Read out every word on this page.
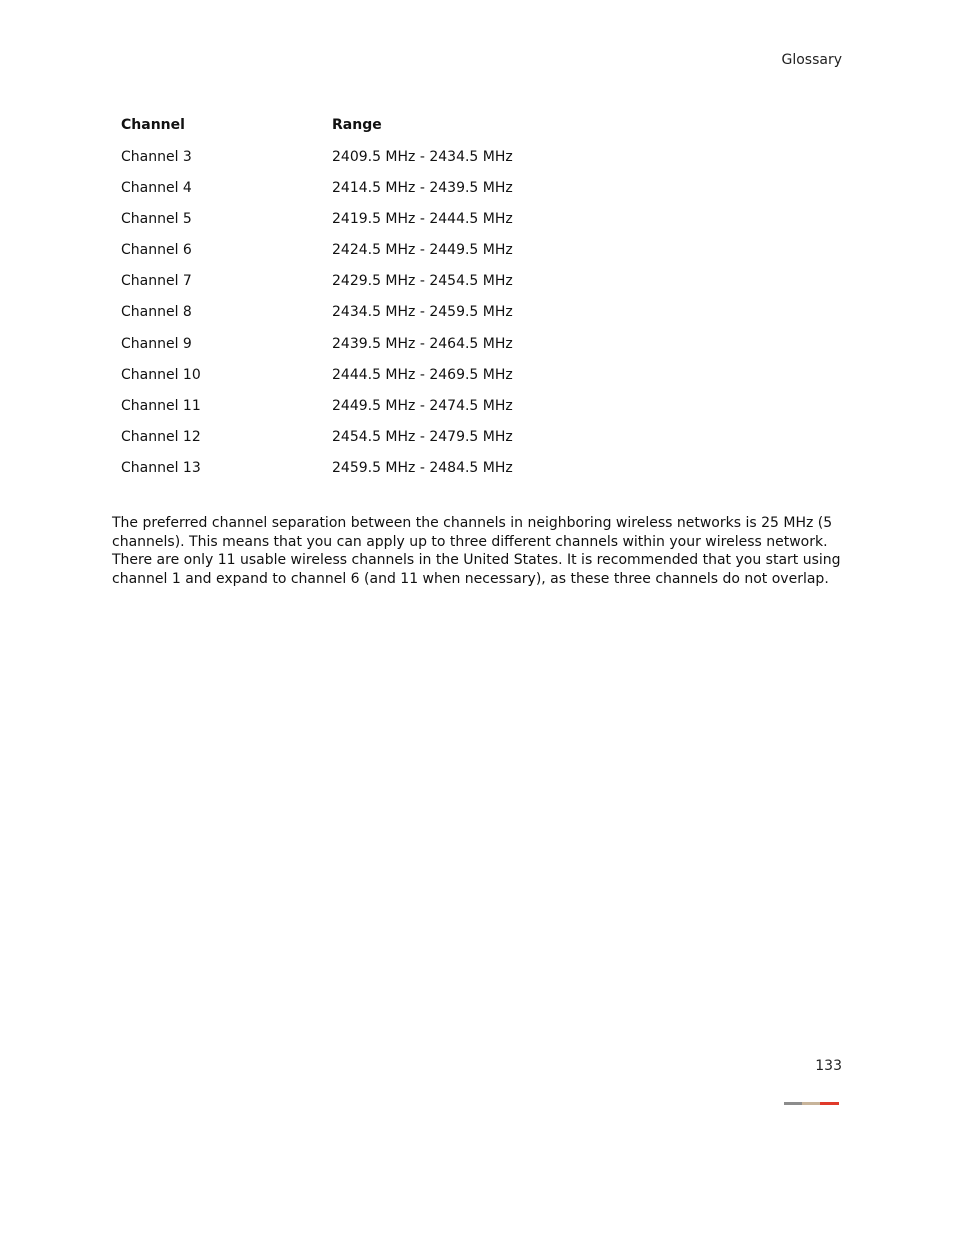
Glossary
Channel	Range
Channel 3	2409.5 MHz - 2434.5 MHz
Channel 4	2414.5 MHz - 2439.5 MHz
Channel 5	2419.5 MHz - 2444.5 MHz
Channel 6	2424.5 MHz - 2449.5 MHz
Channel 7	2429.5 MHz - 2454.5 MHz
Channel 8	2434.5 MHz - 2459.5 MHz
Channel 9	2439.5 MHz - 2464.5 MHz
Channel 10	2444.5 MHz - 2469.5 MHz
Channel 11	2449.5 MHz - 2474.5 MHz
Channel 12	2454.5 MHz - 2479.5 MHz
Channel 13	2459.5 MHz - 2484.5 MHz

The preferred channel separation between the channels in neighboring wireless networks is 25 MHz (5 channels). This means that you can apply up to three different channels within your wireless network. There are only 11 usable wireless channels in the United States. It is recommended that you start using channel 1 and expand to channel 6 (and 11 when necessary), as these three channels do not overlap.

133
